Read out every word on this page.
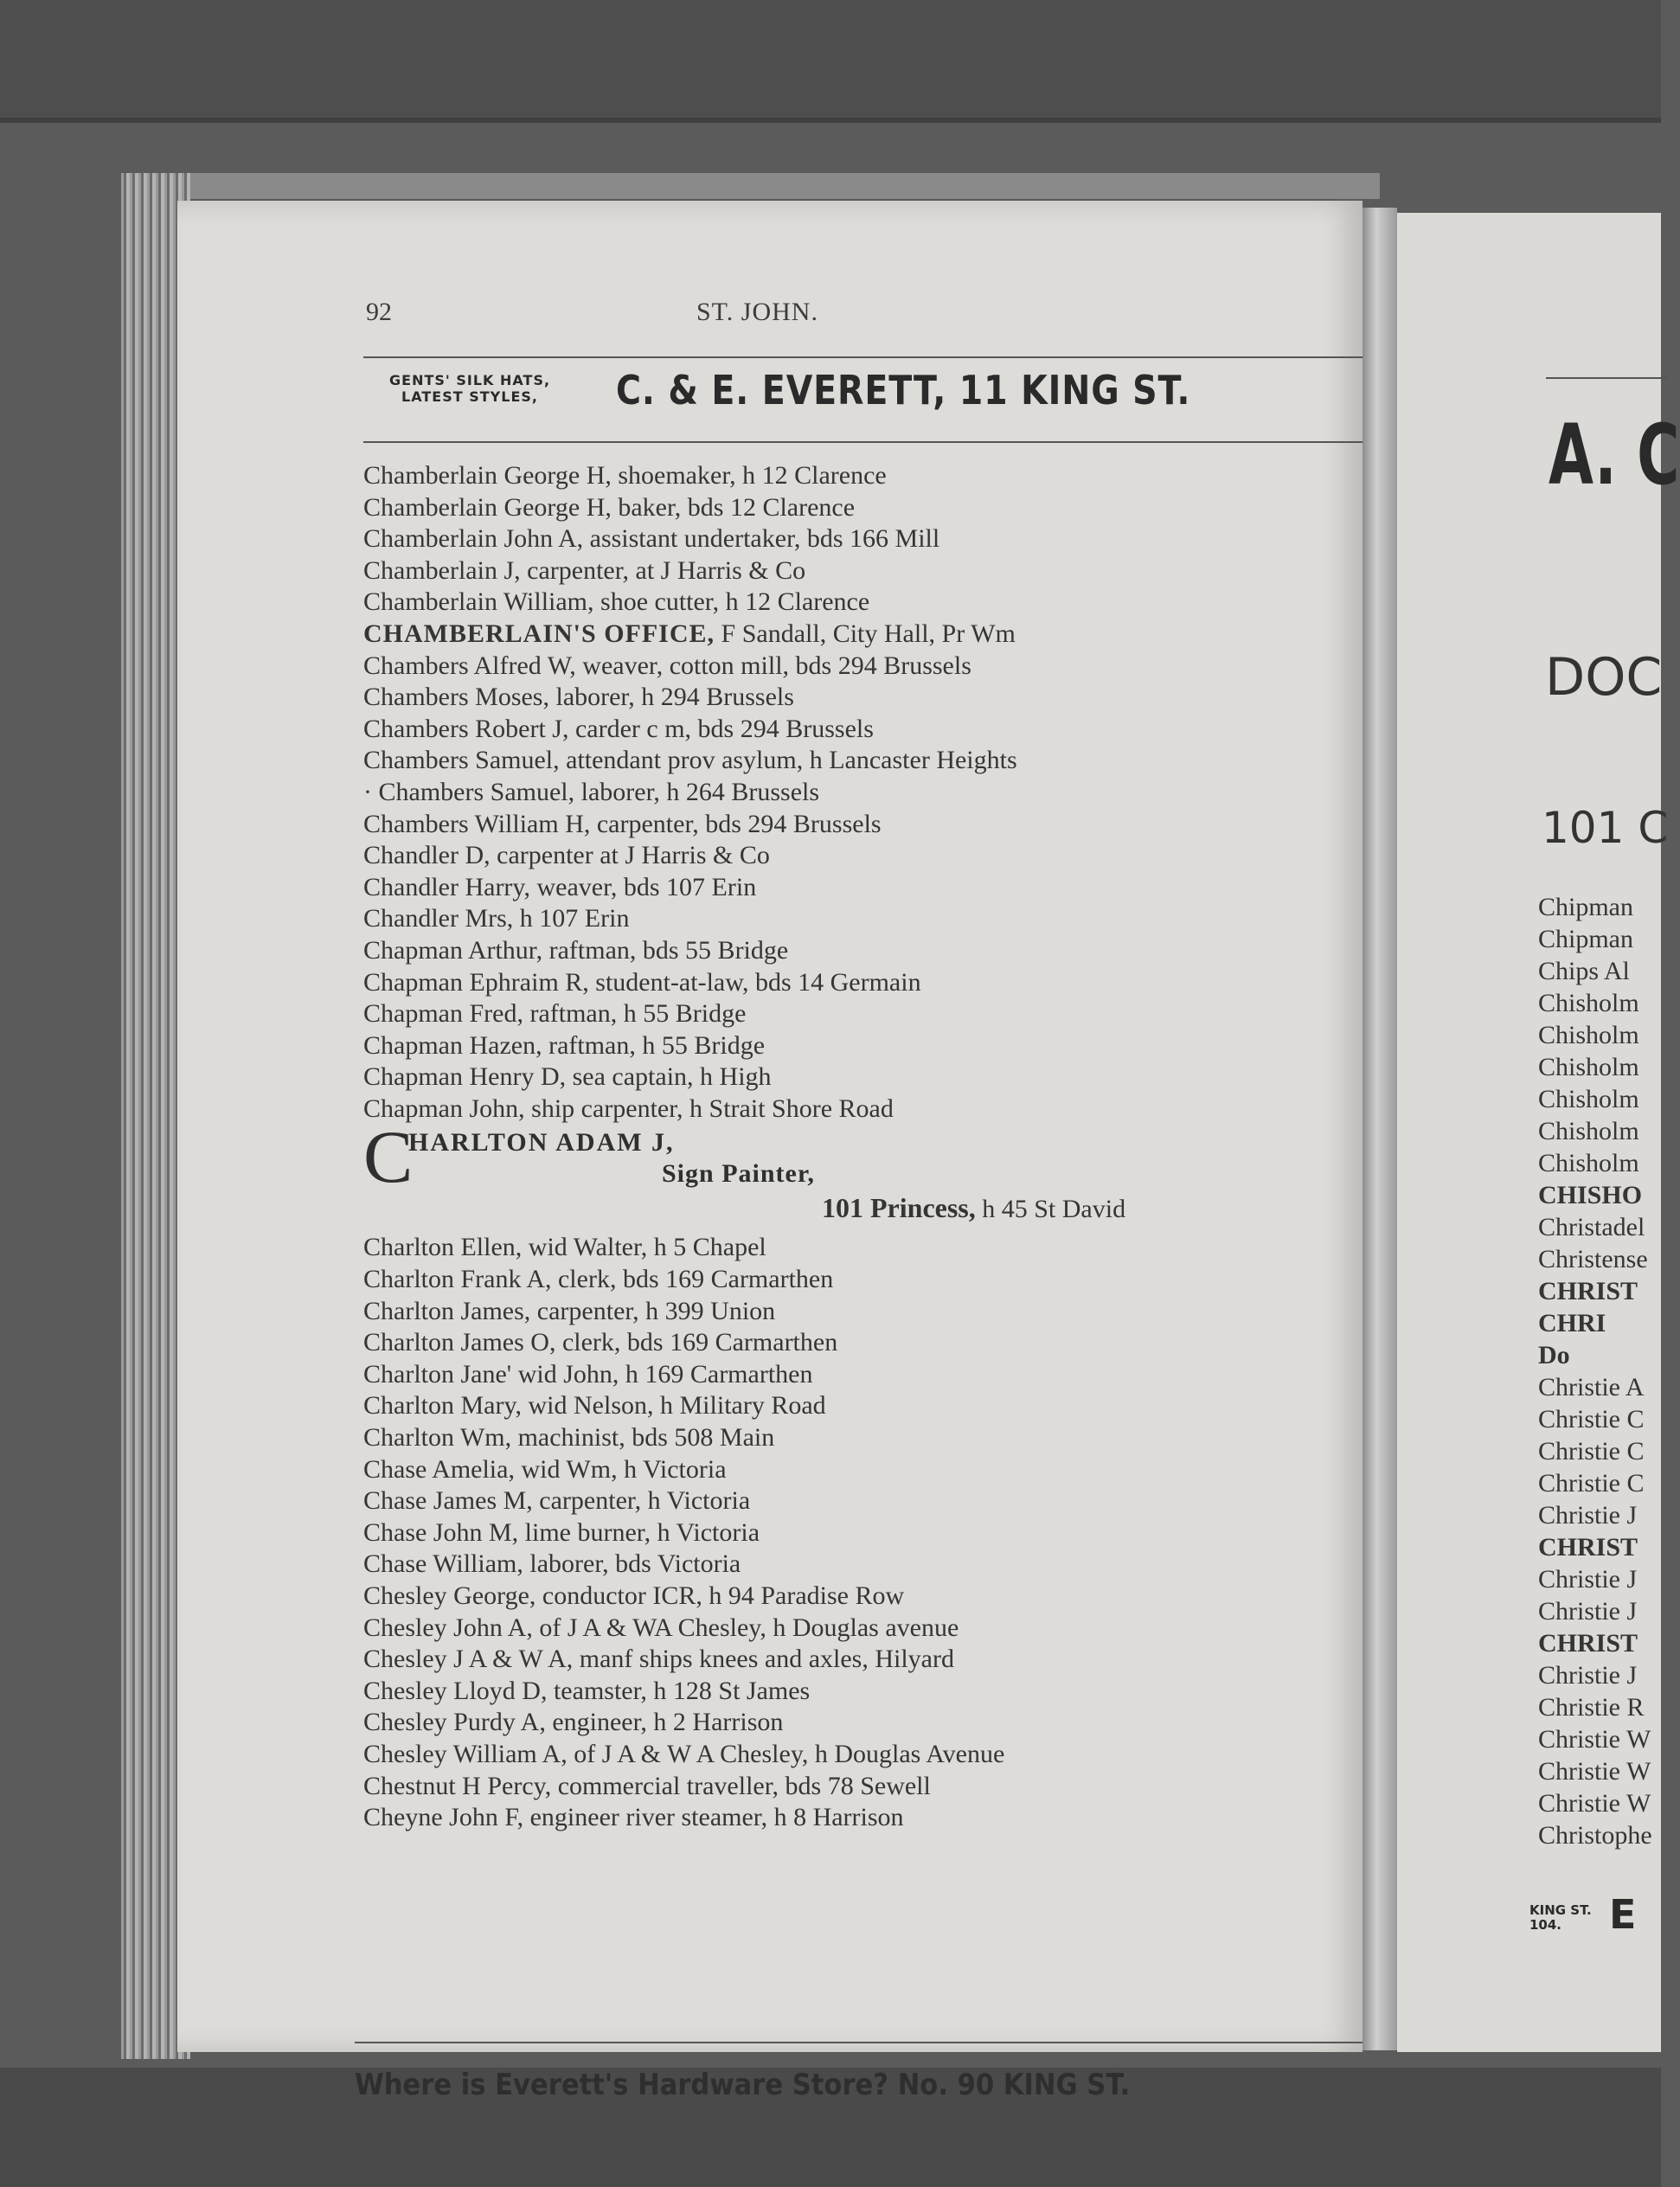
92	ST. JOHN.
GENTS' SILK HATS,
LATEST STYLES,	C. & E. EVERETT, 11 KING ST.
Chamberlain George H, shoemaker, h 12 Clarence
Chamberlain George H, baker, bds 12 Clarence
Chamberlain John A, assistant undertaker, bds 166 Mill
Chamberlain J, carpenter, at J Harris & Co
Chamberlain William, shoe cutter, h 12 Clarence
CHAMBERLAIN'S OFFICE, F Sandall, City Hall, Pr Wm
Chambers Alfred W, weaver, cotton mill, bds 294 Brussels
Chambers Moses, laborer, h 294 Brussels
Chambers Robert J, carder c m, bds 294 Brussels
Chambers Samuel, attendant prov asylum, h Lancaster Heights
· Chambers Samuel, laborer, h 264 Brussels
Chambers William H, carpenter, bds 294 Brussels
Chandler D, carpenter at J Harris & Co
Chandler Harry, weaver, bds 107 Erin
Chandler Mrs, h 107 Erin
Chapman Arthur, raftman, bds 55 Bridge
Chapman Ephraim R, student-at-law, bds 14 Germain
Chapman Fred, raftman, h 55 Bridge
Chapman Hazen, raftman, h 55 Bridge
Chapman Henry D, sea captain, h High
Chapman John, ship carpenter, h Strait Shore Road
C
HARLTON ADAM J,
Sign Painter,
101 Princess, h 45 St David
Charlton Ellen, wid Walter, h 5 Chapel
Charlton Frank A, clerk, bds 169 Carmarthen
Charlton James, carpenter, h 399 Union
Charlton James O, clerk, bds 169 Carmarthen
Charlton Jane' wid John, h 169 Carmarthen
Charlton Mary, wid Nelson, h Military Road
Charlton Wm, machinist, bds 508 Main
Chase Amelia, wid Wm, h Victoria
Chase James M, carpenter, h Victoria
Chase John M, lime burner, h Victoria
Chase William, laborer, bds Victoria
Chesley George, conductor ICR, h 94 Paradise Row
Chesley John A, of J A & WA Chesley, h Douglas avenue
Chesley J A & W A, manf ships knees and axles, Hilyard
Chesley Lloyd D, teamster, h 128 St James
Chesley Purdy A, engineer, h 2 Harrison
Chesley William A, of J A & W A Chesley, h Douglas Avenue
Chestnut H Percy, commercial traveller, bds 78 Sewell
Cheyne John F, engineer river steamer, h 8 Harrison
Where is Everett's Hardware Store? No. 90 KING ST.
A. C
DOC
101 C
Chipman
Chipman
Chips Al
Chisholm
Chisholm
Chisholm
Chisholm
Chisholm
Chisholm
CHISHO
Christadel
Christense
CHRIST
CHRI
Do
Christie A
Christie C
Christie C
Christie C
Christie J
CHRIST
Christie J
Christie J
CHRIST
Christie J
Christie R
Christie W
Christie W
Christie W
Christophe
KING ST.
104.	E
